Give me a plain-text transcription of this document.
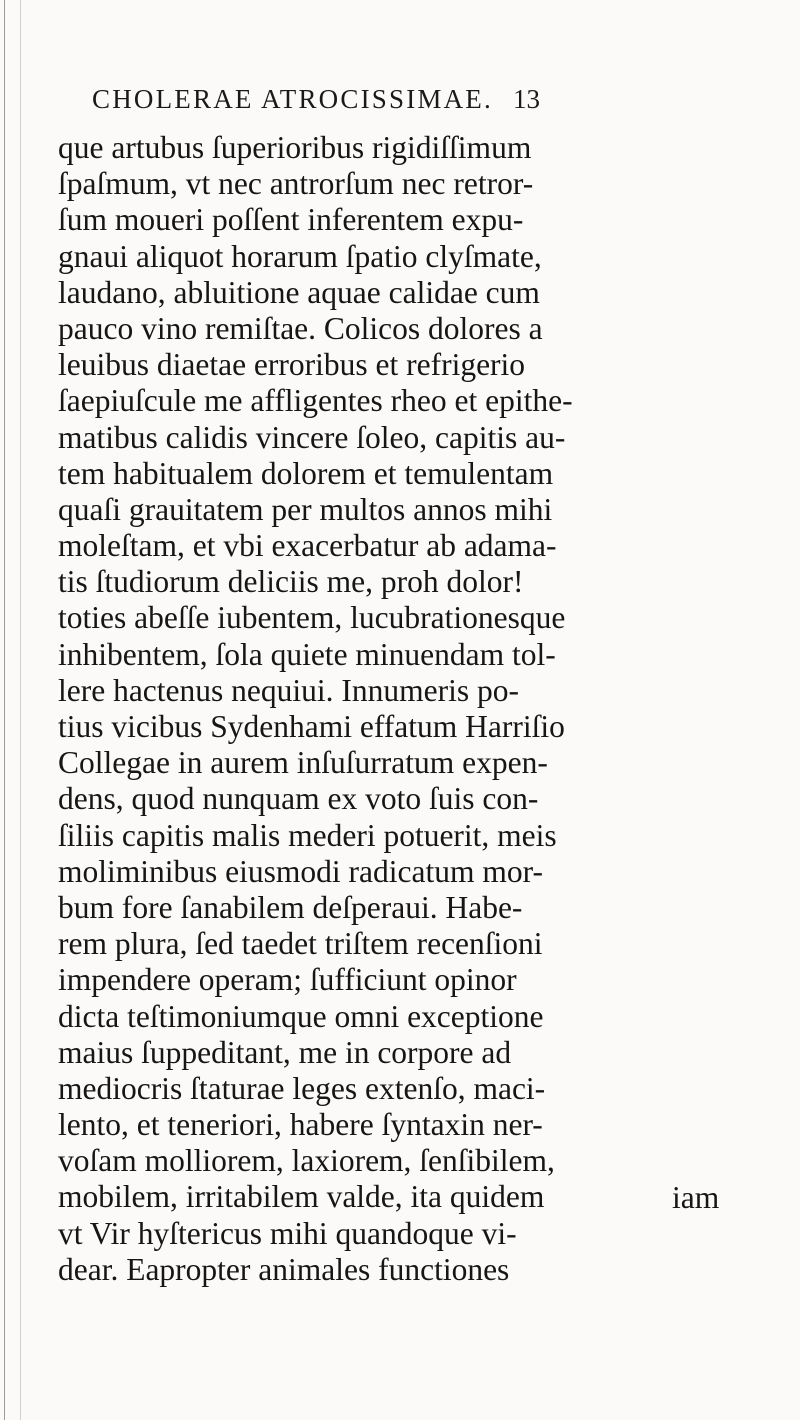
CHOLERAE ATROCISSIMAE. 13
que artubus ſuperioribus rigidiſſimum
ſpaſmum, vt nec antrorſum nec retror-
ſum moueri poſſent inferentem expu-
gnaui aliquot horarum ſpatio clyſmate,
laudano, abluitione aquae calidae cum
pauco vino remiſtae. Colicos dolores a
leuibus diaetae erroribus et refrigerio
ſaepiuſcule me affligentes rheo et epithe-
matibus calidis vincere ſoleo, capitis au-
tem habitualem dolorem et temulentam
quaſi grauitatem per multos annos mihi
moleſtam, et vbi exacerbatur ab adama-
tis ſtudiorum deliciis me, proh dolor!
toties abeſſe iubentem, lucubrationesque
inhibentem, ſola quiete minuendam tol-
lere hactenus nequiui. Innumeris po-
tius vicibus Sydenhami effatum Harriſio
Collegae in aurem inſuſurratum expen-
dens, quod nunquam ex voto ſuis con-
ſiliis capitis malis mederi potuerit, meis
moliminibus eiusmodi radicatum mor-
bum fore ſanabilem deſperaui. Habe-
rem plura, ſed taedet triſtem recenſioni
impendere operam; ſufficiunt opinor
dicta teſtimoniumque omni exceptione
maius ſuppeditant, me in corpore ad
mediocris ſtaturae leges extenſo, maci-
lento, et teneriori, habere ſyntaxin ner-
voſam molliorem, laxiorem, ſenſibilem,
mobilem, irritabilem valde, ita quidem
vt Vir hyſtericus mihi quandoque vi-
dear. Eapropter animales functiones
iam
